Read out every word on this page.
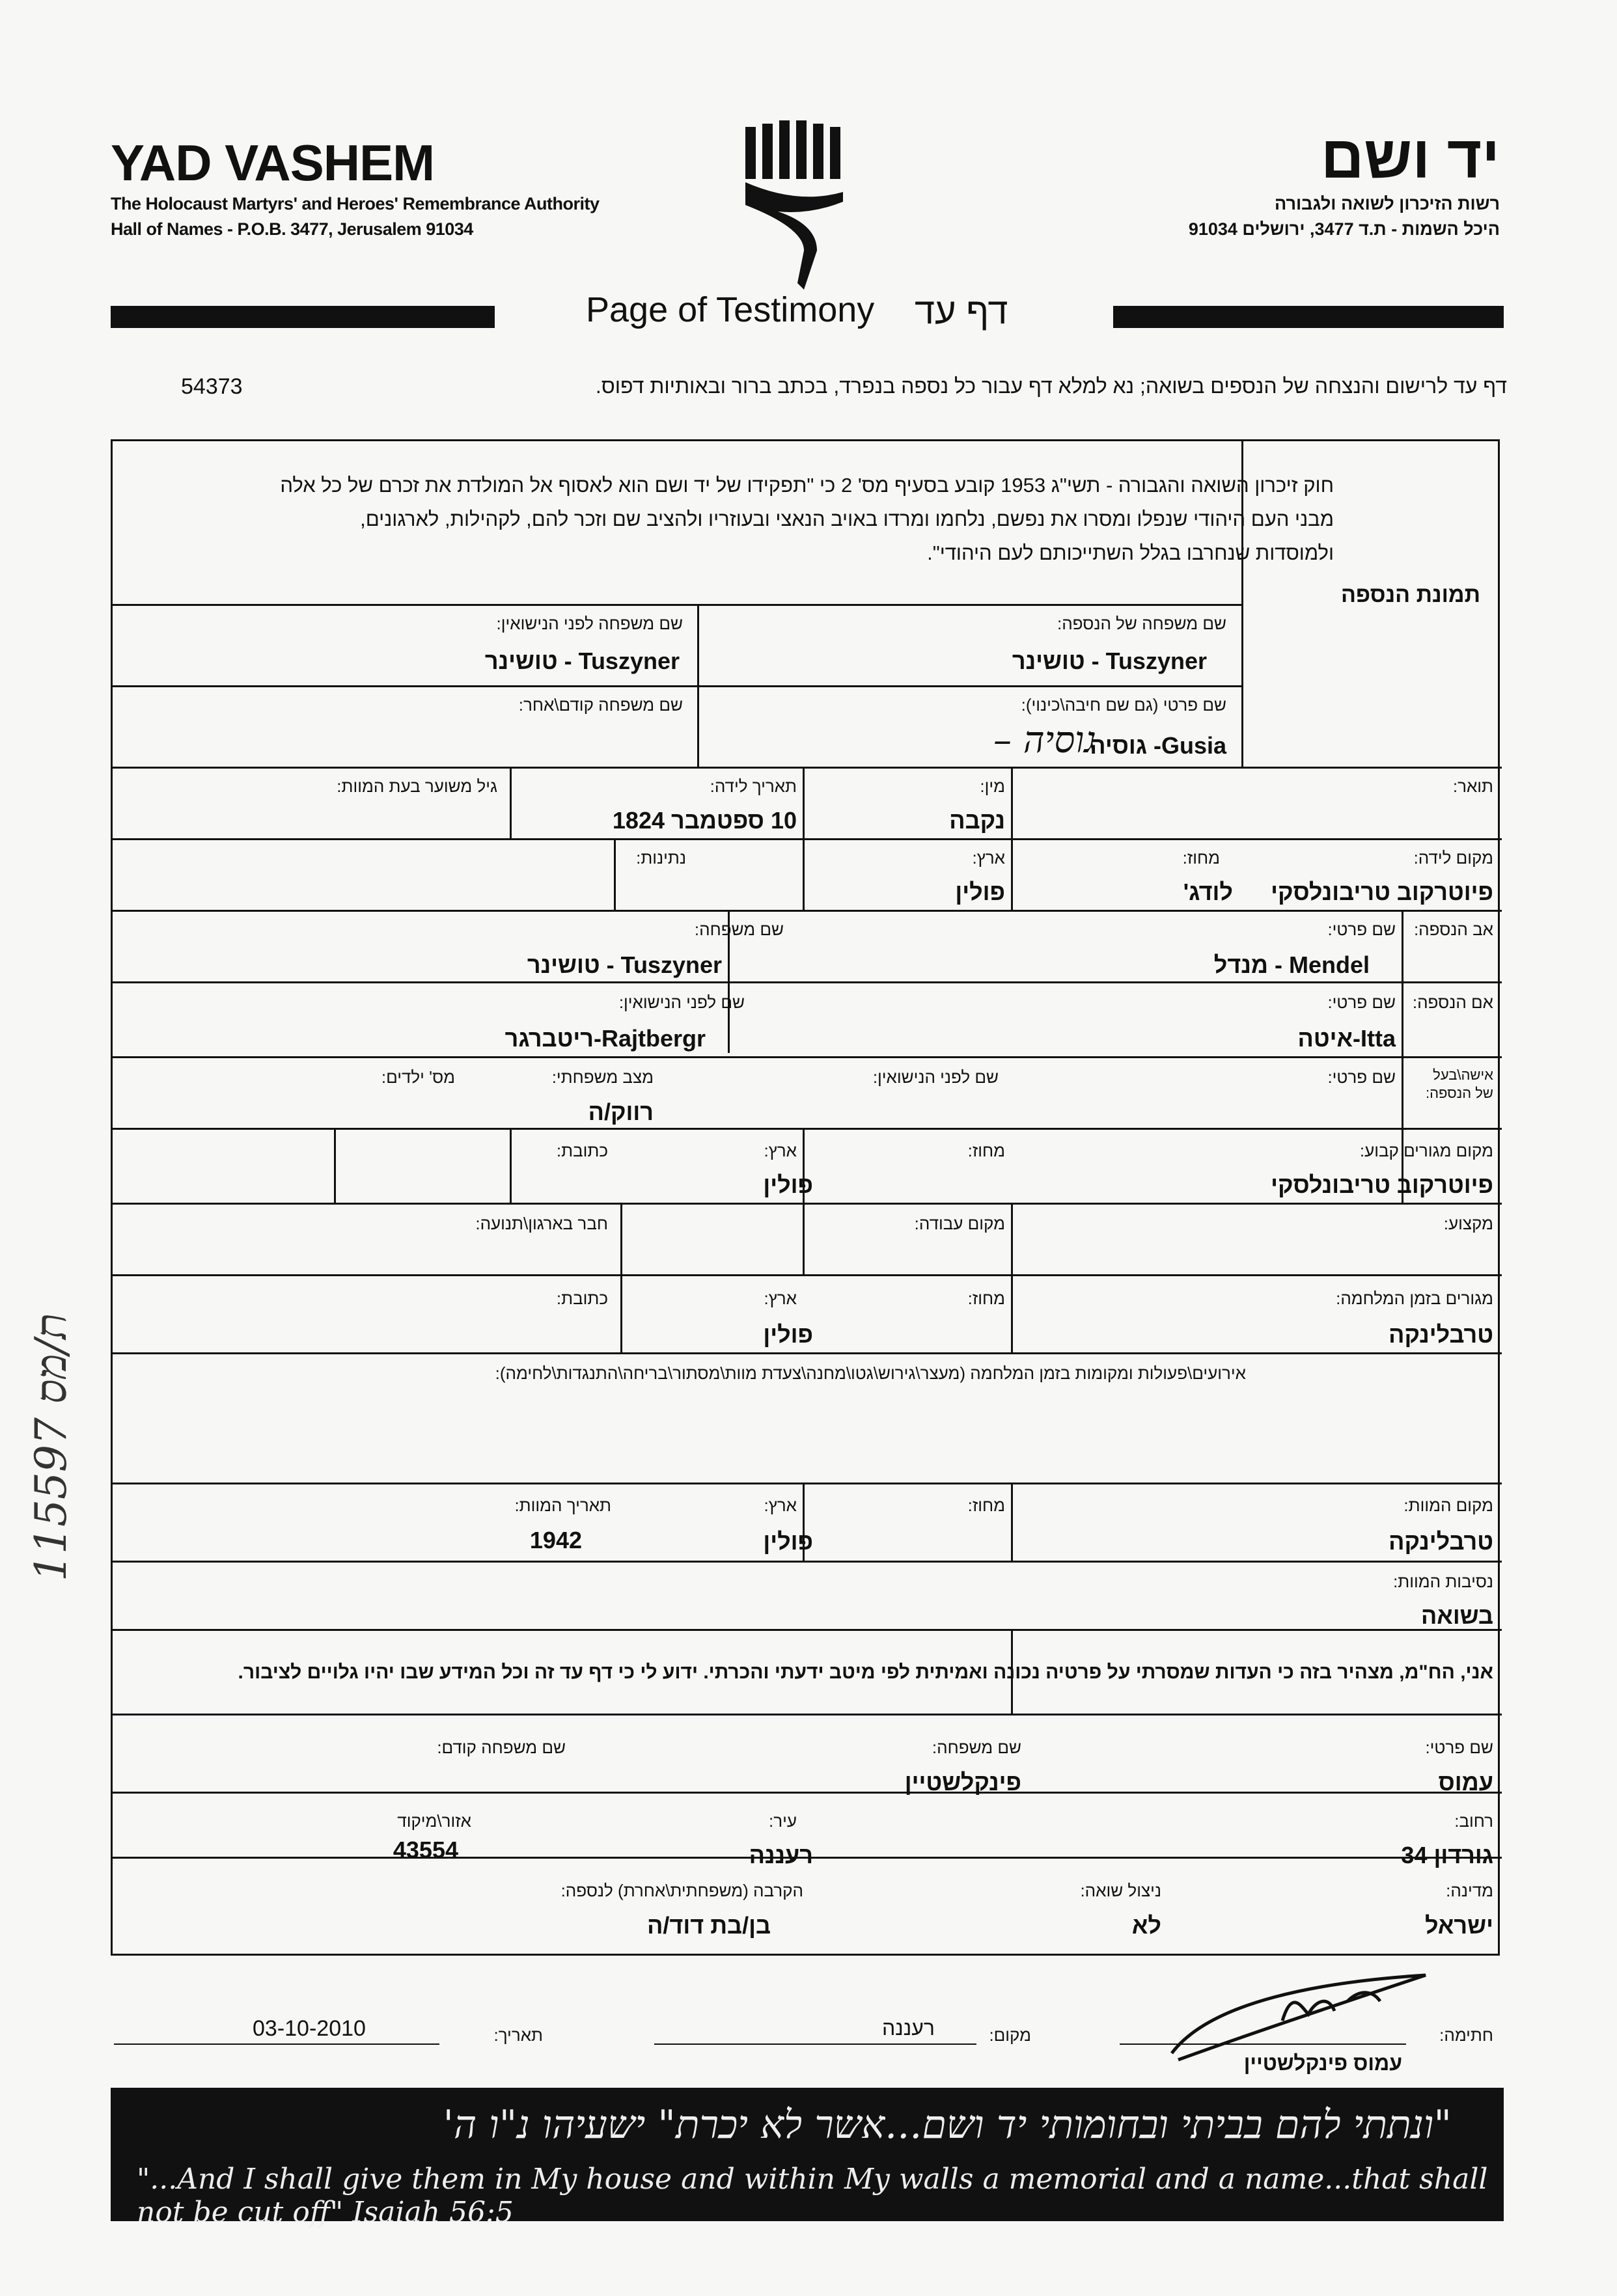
YAD VASHEM
The Holocaust Martyrs' and Heroes' Remembrance Authority
Hall of Names - P.O.B. 3477, Jerusalem 91034
יד ושם
רשות הזיכרון לשואה ולגבורה
היכל השמות - ת.ד 3477, ירושלים 91034
Page of Testimony דף עד
דף עד לרישום והנצחה של הנספים בשואה; נא למלא דף עבור כל נספה בנפרד, בכתב ברור ובאותיות דפוס.
54373
תמונת הנספה
חוק זיכרון השואה והגבורה - תשי"ג 1953 קובע בסעיף מס' 2 כי "תפקידו של יד ושם הוא לאסוף אל המולדת את זכרם של כל אלה מבני העם היהודי שנפלו ומסרו את נפשם, נלחמו ומרדו באויב הנאצי ובעוזריו ולהציב שם וזכר להם, לקהילות, לארגונים, ולמוסדות שנחרבו בגלל השתייכותם לעם היהודי".
שם משפחה של הנספה:
Tuszyner - טושינר
שם משפחה לפני הנישואין:
Tuszyner - טושינר
שם פרטי (גם שם חיבה\כינוי):
Gusia- גוסיה
גוסיה –
שם משפחה קודם\אחר:
תואר:
מין:
נקבה
תאריך לידה:
10 ספטמבר 1824
גיל משוער בעת המוות:
מקום לידה:
פיוטרקוב טריבונלסקי
מחוז:
לודג'
ארץ:
פולין
נתינות:
אב הנספה:
שם פרטי:
Mendel - מנדל
שם משפחה:
Tuszyner - טושינר
אם הנספה:
שם פרטי:
Itta-איטה
שם לפני הנישואין:
Rajtbergr-ריטברגר
אישה\בעל של הנספה:
שם פרטי:
שם לפני הנישואין:
מצב משפחתי:
רווק/ה
מס' ילדים:
מקום מגורים קבוע:
פיוטרקוב טריבונלסקי
מחוז:
ארץ:
פולין
כתובת:
מקצוע:
מקום עבודה:
חבר בארגון\תנועה:
מגורים בזמן המלחמה:
טרבלינקה
מחוז:
ארץ:
פולין
כתובת:
אירועים\פעולות ומקומות בזמן המלחמה (מעצר\גירוש\גטו\מחנה\צעדת מוות\מסתור\בריחה\התנגדות\לחימה):
מקום המוות:
טרבלינקה
מחוז:
ארץ:
פולין
תאריך המוות:
1942
נסיבות המוות:
בשואה
אני, הח"מ, מצהיר בזה כי העדות שמסרתי על פרטיה נכונה ואמיתית לפי מיטב ידעתי והכרתי. ידוע לי כי דף עד זה וכל המידע שבו יהיו גלויים לציבור.
שם פרטי:
עמוס
שם משפחה:
פינקלשטיין
שם משפחה קודם:
רחוב:
גורדון 34
עיר:
רעננה
אזור\מיקוד
43554
מדינה:
ישראל
ניצול שואה:
לא
הקרבה (משפחתית\אחרת) לנספה:
בן/בת דוד/ה
חתימה:
עמוס פינקלשטיין
מקום:
רעננה
תאריך:
03-10-2010
"ונתתי להם בביתי ובחומותי יד ושם...אשר לא יכרת" ישעיהו נ"ו ה'
"...And I shall give them in My house and within My walls a memorial and a name...that shall not be cut off" Isaiah 56:5
ת/מס 115597
